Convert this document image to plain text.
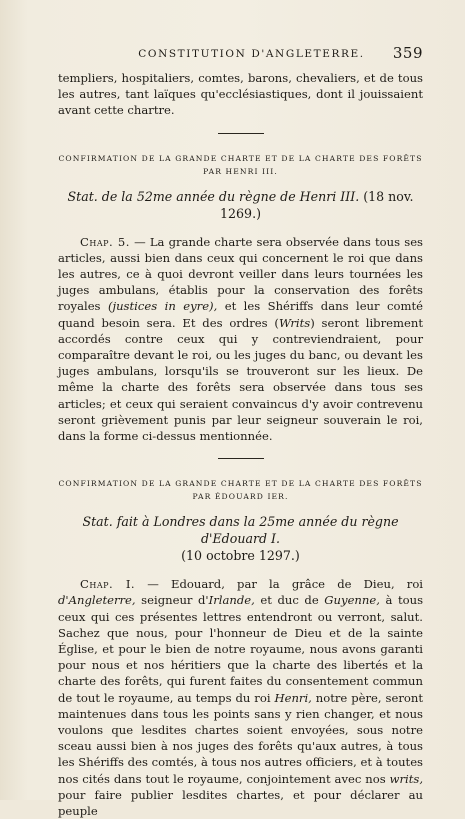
CONSTITUTION D'ANGLETERRE. 359

templiers, hospitaliers, comtes, barons, chevaliers, et de tous les autres, tant laïques qu'ecclésiastiques, dont il jouissaient avant cette chartre.

CONFIRMATION DE LA GRANDE CHARTE ET DE LA CHARTE DES FORÊTS
PAR HENRI III.
Stat. de la 52me année du règne de Henri III. (18 nov. 1269.)

Chap. 5. — La grande charte sera observée dans tous ses articles, aussi bien dans ceux qui concernent le roi que dans les autres, ce à quoi devront veiller dans leurs tournées les juges ambulans, établis pour la conservation des forêts royales (justices in eyre), et les Shériffs dans leur comté quand besoin sera. Et des ordres (Writs) seront librement accordés contre ceux qui y contreviendraient, pour comparaître devant le roi, ou les juges du banc, ou devant les juges ambulans, lorsqu'ils se trouveront sur les lieux. De même la charte des forêts sera observée dans tous ses articles; et ceux qui seraient convaincus d'y avoir contrevenu seront grièvement punis par leur seigneur souverain le roi, dans la forme ci-dessus mentionnée.

CONFIRMATION DE LA GRANDE CHARTE ET DE LA CHARTE DES FORÊTS
PAR ÉDOUARD IER.
Stat. fait à Londres dans la 25me année du règne d'Edouard I.
(10 octobre 1297.)

Chap. I. — Edouard, par la grâce de Dieu, roi d'Angleterre, seigneur d'Irlande, et duc de Guyenne, à tous ceux qui ces présentes lettres entendront ou verront, salut. Sachez que nous, pour l'honneur de Dieu et de la sainte Église, et pour le bien de notre royaume, nous avons garanti pour nous et nos héritiers que la charte des libertés et la charte des forêts, qui furent faites du consentement commun de tout le royaume, au temps du roi Henri, notre père, seront maintenues dans tous les points sans y rien changer, et nous voulons que lesdites chartes soient envoyées, sous notre sceau aussi bien à nos juges des forêts qu'aux autres, à tous les Shériffs des comtés, à tous nos autres officiers, et à toutes nos cités dans tout le royaume, conjointement avec nos writs, pour faire publier lesdites chartes, et pour déclarer au peuple
